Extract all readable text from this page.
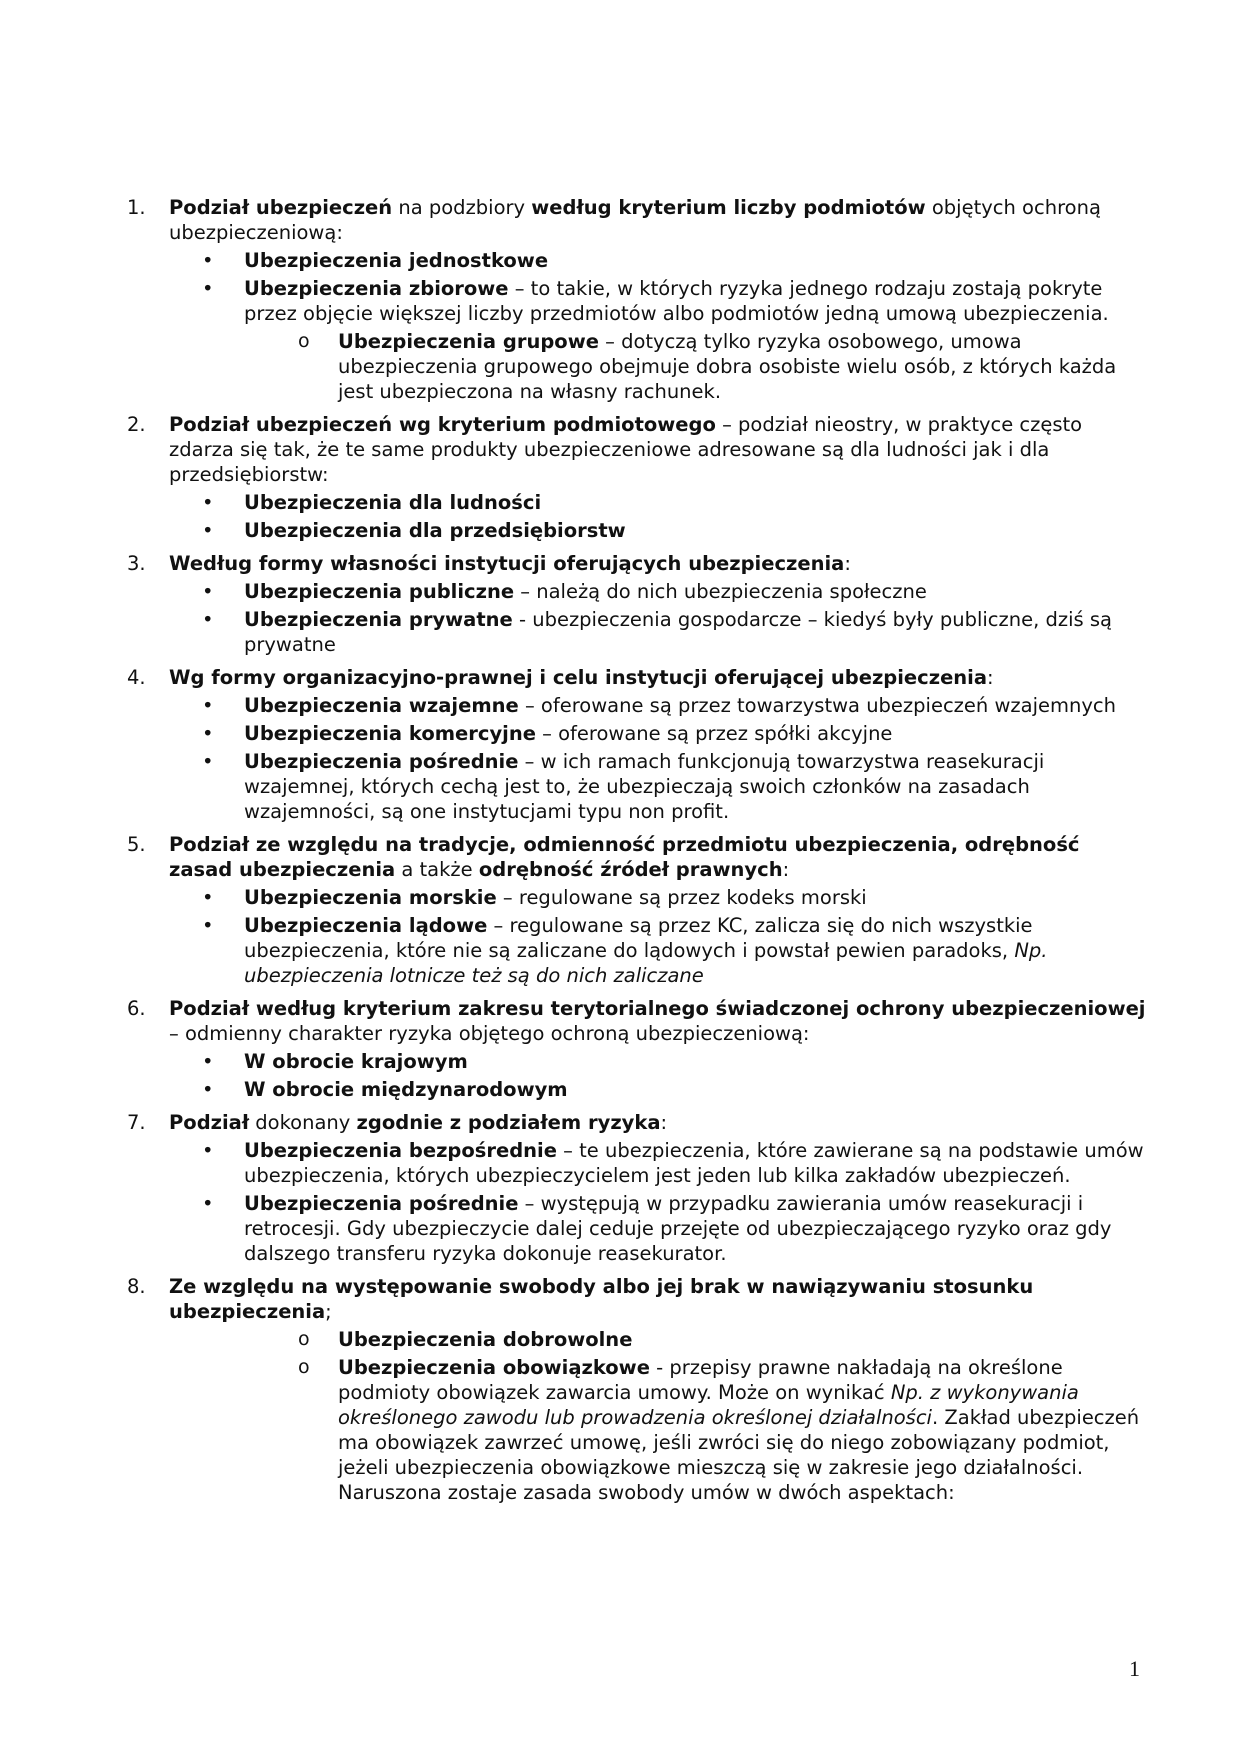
1. Podział ubezpieczeń na podzbiory według kryterium liczby podmiotów objętych ochroną ubezpieczeniową:
• Ubezpieczenia jednostkowe
• Ubezpieczenia zbiorowe – to takie, w których ryzyka jednego rodzaju zostają pokryte przez objęcie większej liczby przedmiotów albo podmiotów jedną umową ubezpieczenia.
o Ubezpieczenia grupowe – dotyczą tylko ryzyka osobowego, umowa ubezpieczenia grupowego obejmuje dobra osobiste wielu osób, z których każda jest ubezpieczona na własny rachunek.
2. Podział ubezpieczeń wg kryterium podmiotowego – podział nieostry, w praktyce często zdarza się tak, że te same produkty ubezpieczeniowe adresowane są dla ludności jak i dla przedsiębiorstw:
• Ubezpieczenia dla ludności
• Ubezpieczenia dla przedsiębiorstw
3. Według formy własności instytucji oferujących ubezpieczenia:
• Ubezpieczenia publiczne – należą do nich ubezpieczenia społeczne
• Ubezpieczenia prywatne - ubezpieczenia gospodarcze – kiedyś były publiczne, dziś są prywatne
4. Wg formy organizacyjno-prawnej i celu instytucji oferującej ubezpieczenia:
• Ubezpieczenia wzajemne – oferowane są przez towarzystwa ubezpieczeń wzajemnych
• Ubezpieczenia komercyjne – oferowane są przez spółki akcyjne
• Ubezpieczenia pośrednie – w ich ramach funkcjonują towarzystwa reasekuracji wzajemnej, których cechą jest to, że ubezpieczają swoich członków na zasadach wzajemności, są one instytucjami typu non profit.
5. Podział ze względu na tradycje, odmienność przedmiotu ubezpieczenia, odrębność zasad ubezpieczenia a także odrębność źródeł prawnych:
• Ubezpieczenia morskie – regulowane są przez kodeks morski
• Ubezpieczenia lądowe – regulowane są przez KC, zalicza się do nich wszystkie ubezpieczenia, które nie są zaliczane do lądowych i powstał pewien paradoks, Np. ubezpieczenia lotnicze też są do nich zaliczane
6. Podział według kryterium zakresu terytorialnego świadczonej ochrony ubezpieczeniowej – odmienny charakter ryzyka objętego ochroną ubezpieczeniową:
• W obrocie krajowym
• W obrocie międzynarodowym
7. Podział dokonany zgodnie z podziałem ryzyka:
• Ubezpieczenia bezpośrednie – te ubezpieczenia, które zawierane są na podstawie umów ubezpieczenia, których ubezpieczycielem jest jeden lub kilka zakładów ubezpieczeń.
• Ubezpieczenia pośrednie – występują w przypadku zawierania umów reasekuracji i retrocesji. Gdy ubezpieczycie dalej ceduje przejęte od ubezpieczającego ryzyko oraz gdy dalszego transferu ryzyka dokonuje reasekurator.
8. Ze względu na występowanie swobody albo jej brak w nawiązywaniu stosunku ubezpieczenia;
o Ubezpieczenia dobrowolne
o Ubezpieczenia obowiązkowe - przepisy prawne nakładają na określone podmioty obowiązek zawarcia umowy. Może on wynikać Np. z wykonywania określonego zawodu lub prowadzenia określonej działalności. Zakład ubezpieczeń ma obowiązek zawrzeć umowę, jeśli zwróci się do niego zobowiązany podmiot, jeżeli ubezpieczenia obowiązkowe mieszczą się w zakresie jego działalności. Naruszona zostaje zasada swobody umów w dwóch aspektach:
1
